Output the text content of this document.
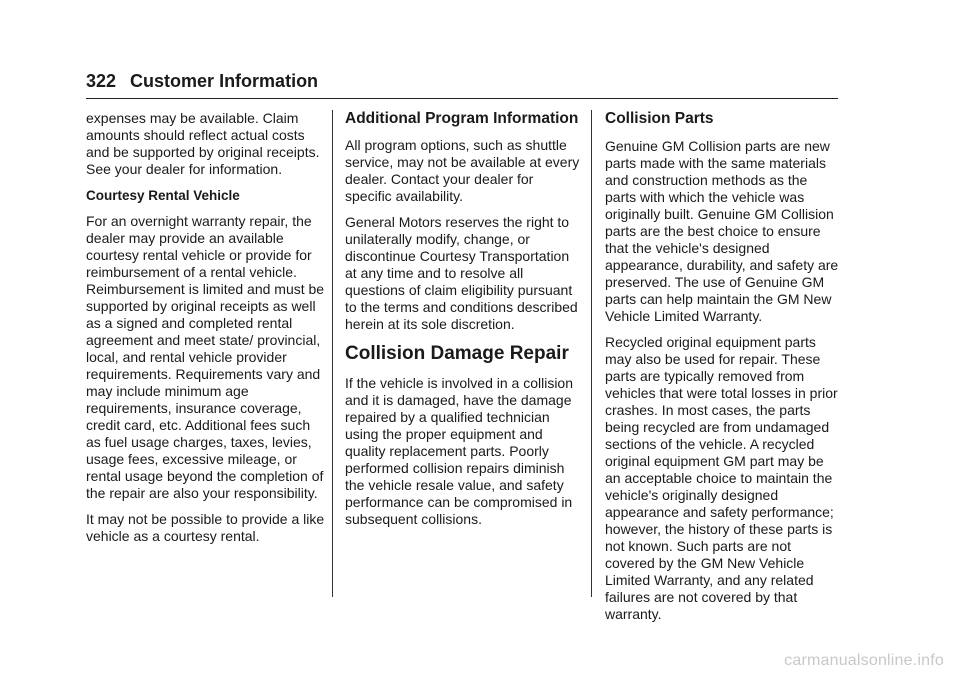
322 Customer Information

expenses may be available. Claim amounts should reflect actual costs and be supported by original receipts. See your dealer for information.

Courtesy Rental Vehicle

For an overnight warranty repair, the dealer may provide an available courtesy rental vehicle or provide for reimbursement of a rental vehicle. Reimbursement is limited and must be supported by original receipts as well as a signed and completed rental agreement and meet state/ provincial, local, and rental vehicle provider requirements. Requirements vary and may include minimum age requirements, insurance coverage, credit card, etc. Additional fees such as fuel usage charges, taxes, levies, usage fees, excessive mileage, or rental usage beyond the completion of the repair are also your responsibility.

It may not be possible to provide a like vehicle as a courtesy rental.

Additional Program Information

All program options, such as shuttle service, may not be available at every dealer. Contact your dealer for specific availability.

General Motors reserves the right to unilaterally modify, change, or discontinue Courtesy Transportation at any time and to resolve all questions of claim eligibility pursuant to the terms and conditions described herein at its sole discretion.

Collision Damage Repair

If the vehicle is involved in a collision and it is damaged, have the damage repaired by a qualified technician using the proper equipment and quality replacement parts. Poorly performed collision repairs diminish the vehicle resale value, and safety performance can be compromised in subsequent collisions.

Collision Parts

Genuine GM Collision parts are new parts made with the same materials and construction methods as the parts with which the vehicle was originally built. Genuine GM Collision parts are the best choice to ensure that the vehicle's designed appearance, durability, and safety are preserved. The use of Genuine GM parts can help maintain the GM New Vehicle Limited Warranty.

Recycled original equipment parts may also be used for repair. These parts are typically removed from vehicles that were total losses in prior crashes. In most cases, the parts being recycled are from undamaged sections of the vehicle. A recycled original equipment GM part may be an acceptable choice to maintain the vehicle's originally designed appearance and safety performance; however, the history of these parts is not known. Such parts are not covered by the GM New Vehicle Limited Warranty, and any related failures are not covered by that warranty.

carmanualsonline.info
